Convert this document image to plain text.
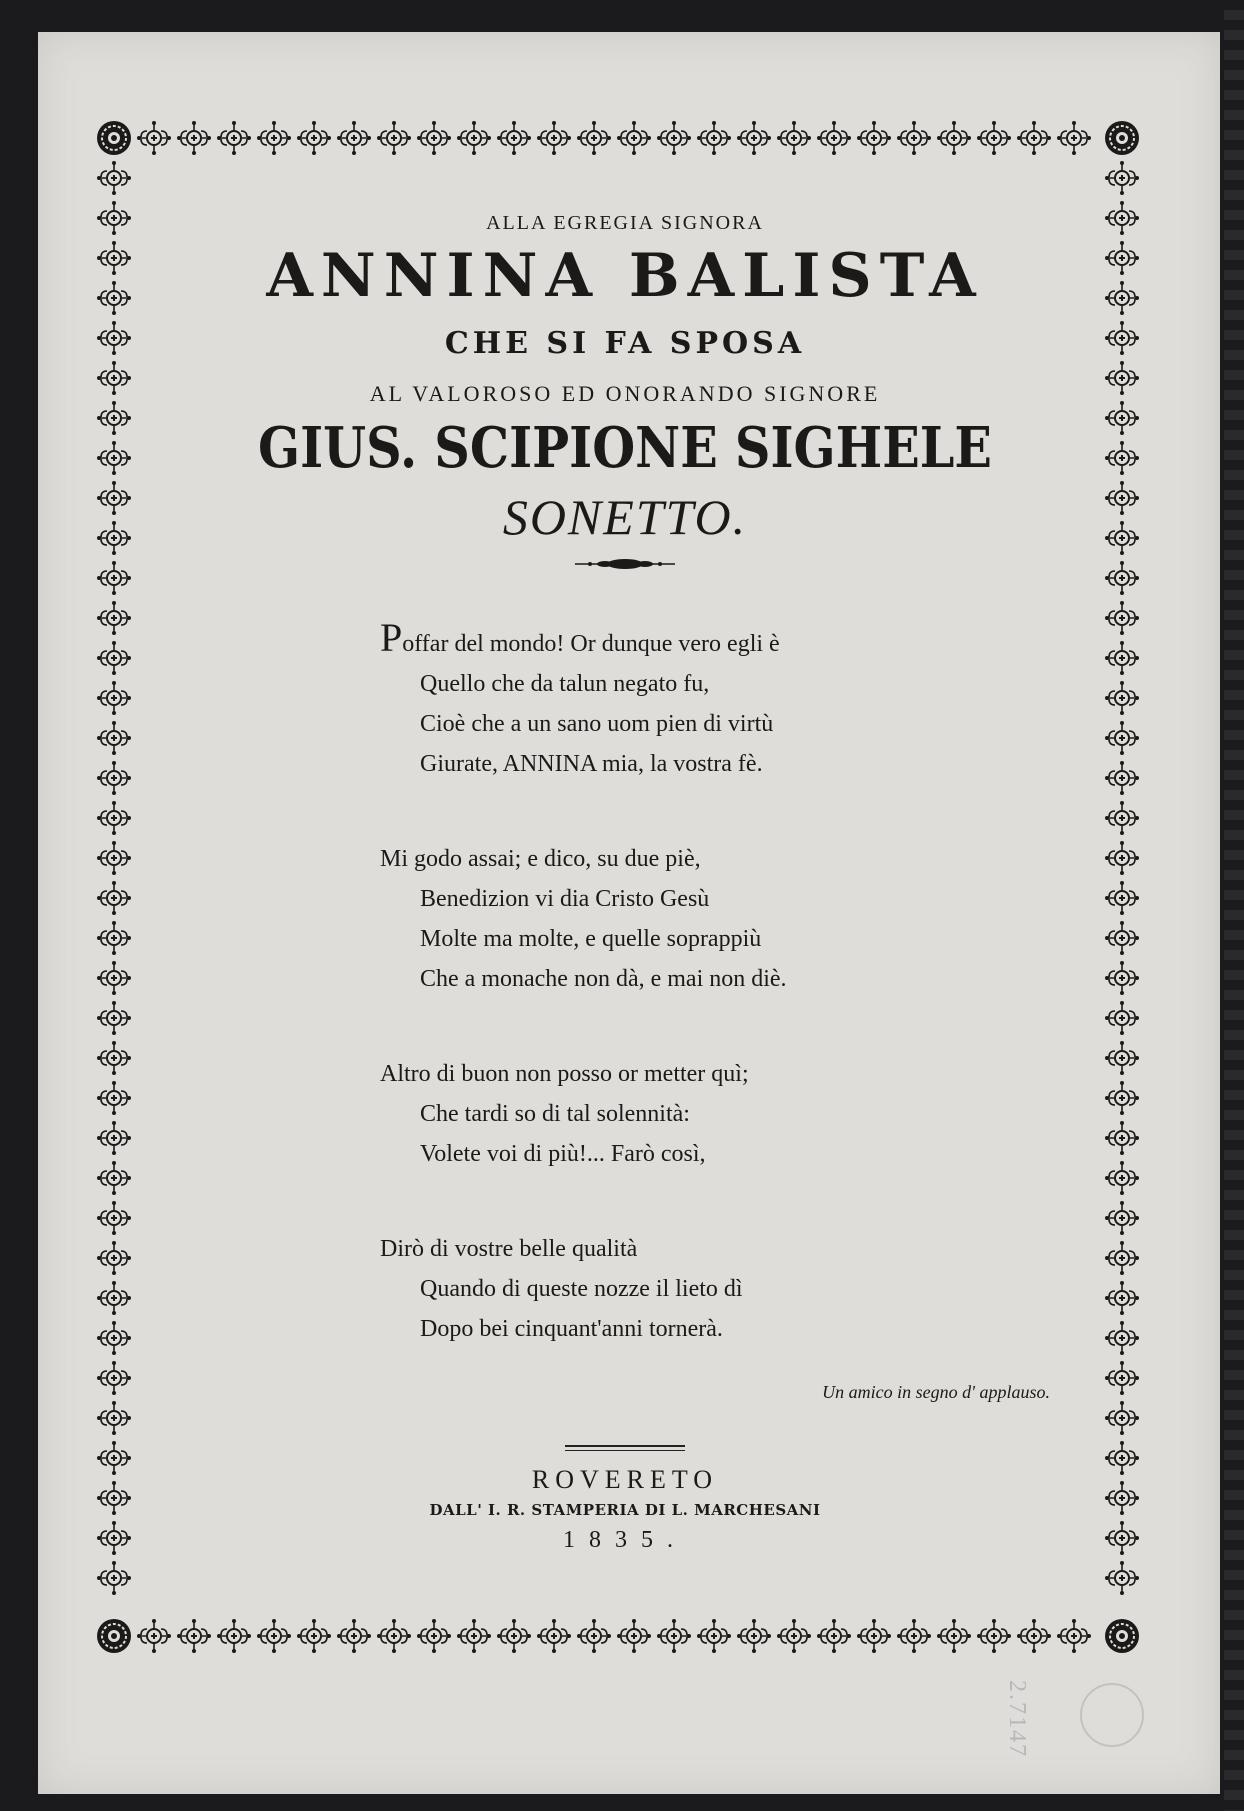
ALLA EGREGIA SIGNORA
ANNINA BALISTA
CHE SI FA SPOSA
AL VALOROSO ED ONORANDO SIGNORE
GIUS. SCIPIONE SIGHELE
SONETTO.
Poffar del mondo! Or dunque vero egli è
Quello che da talun negato fu,
Cioè che a un sano uom pien di virtù
Giurate, ANNINA mia, la vostra fè.
Mi godo assai; e dico, su due piè,
Benedizion vi dia Cristo Gesù
Molte ma molte, e quelle soprappiù
Che a monache non dà, e mai non diè.
Altro di buon non posso or metter quì;
Che tardi so di tal solennità:
Volete voi di più!... Farò così,
Dirò di vostre belle qualità
Quando di queste nozze il lieto dì
Dopo bei cinquant'anni tornerà.
Un amico in segno d' applauso.
ROVERETO
DALL' I. R. STAMPERIA DI L. MARCHESANI
1835.
2.7147
